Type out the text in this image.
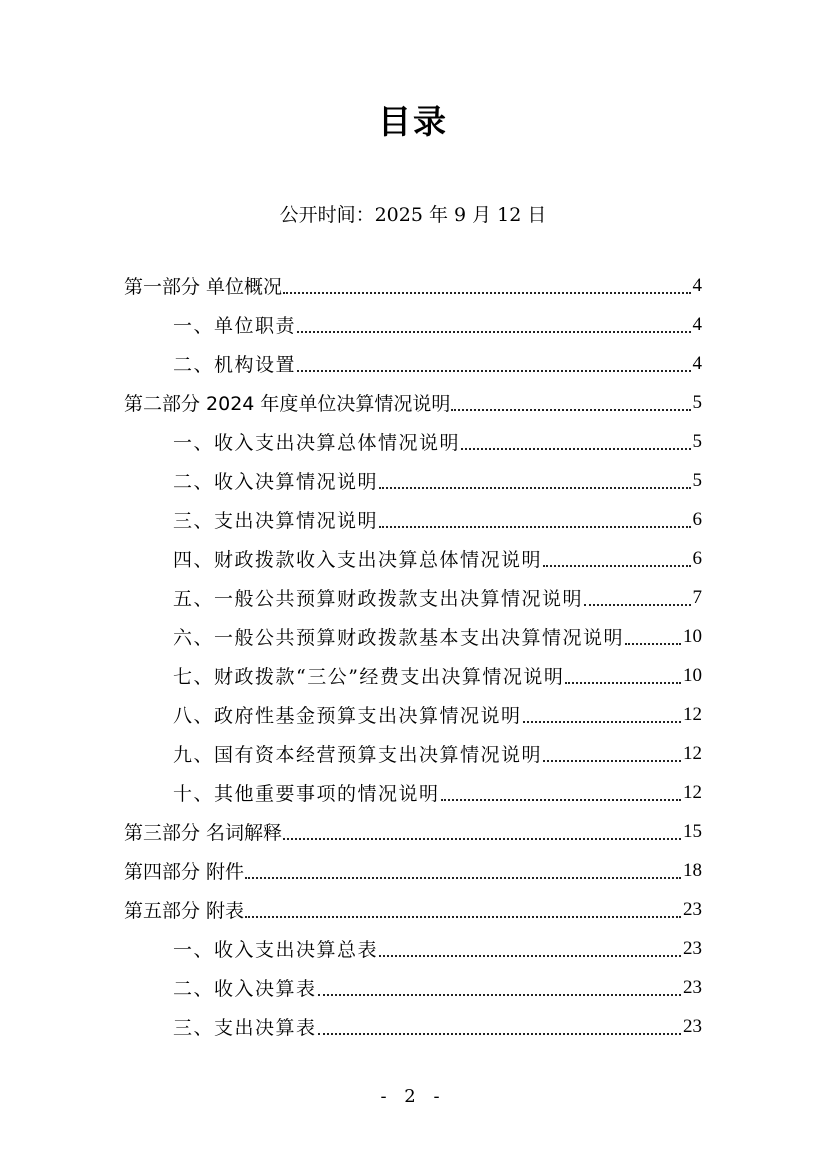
目录
公开时间：2025 年 9 月 12 日
第一部分 单位概况	4
一、单位职责	4
二、机构设置	4
第二部分 2024 年度单位决算情况说明	5
一、收入支出决算总体情况说明	5
二、收入决算情况说明	5
三、支出决算情况说明	6
四、财政拨款收入支出决算总体情况说明	6
五、一般公共预算财政拨款支出决算情况说明	7
六、一般公共预算财政拨款基本支出决算情况说明	10
七、财政拨款“三公”经费支出决算情况说明	10
八、政府性基金预算支出决算情况说明	12
九、国有资本经营预算支出决算情况说明	12
十、其他重要事项的情况说明	12
第三部分 名词解释	15
第四部分 附件	18
第五部分 附表	23
一、收入支出决算总表	23
二、收入决算表	23
三、支出决算表	23
- 2 -
